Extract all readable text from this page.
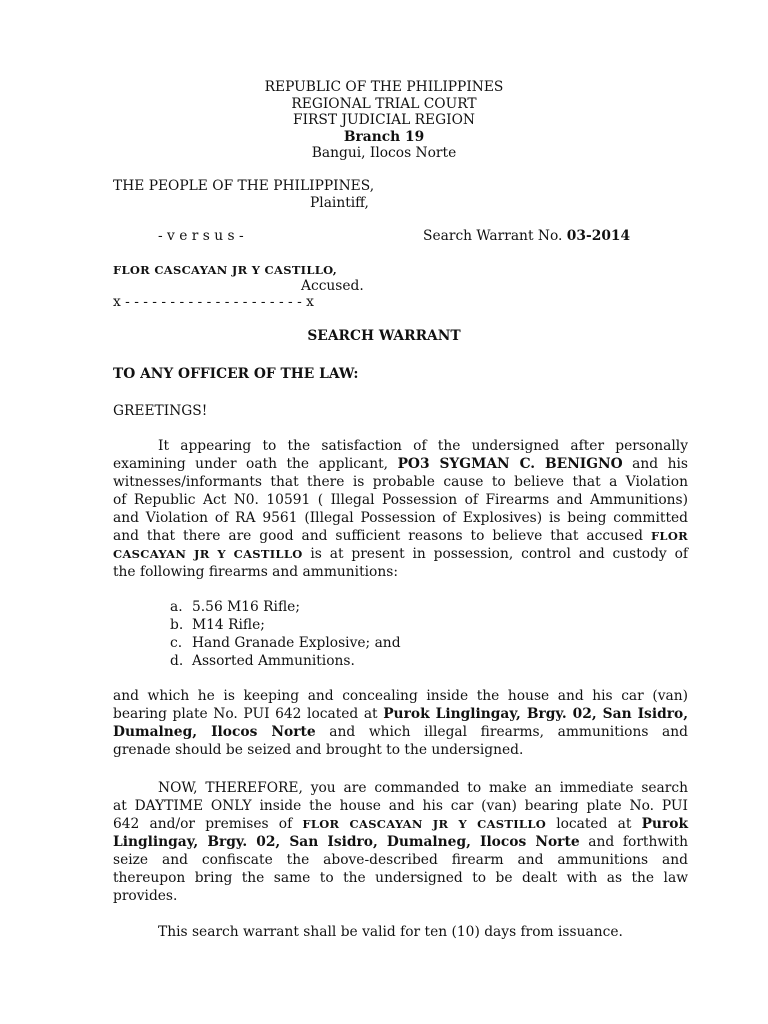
REPUBLIC OF THE PHILIPPINES
REGIONAL TRIAL COURT
FIRST JUDICIAL REGION
Branch 19
Bangui, Ilocos Norte
THE PEOPLE OF THE PHILIPPINES,
Plaintiff,
- v e r s u s -	Search Warrant No. 03-2014
FLOR CASCAYAN JR Y CASTILLO,
Accused.
x - - - - - - - - - - - - - - - - - - - - x
SEARCH WARRANT
TO ANY OFFICER OF THE LAW:
GREETINGS!
It appearing to the satisfaction of the undersigned after personally
examining under oath the applicant, PO3 SYGMAN C. BENIGNO and his
witnesses/informants that there is probable cause to believe that a Violation
of Republic Act N0. 10591 ( Illegal Possession of Firearms and Ammunitions)
and Violation of RA 9561 (Illegal Possession of Explosives) is being committed
and that there are good and sufficient reasons to believe that accused FLOR
CASCAYAN JR Y CASTILLO is at present in possession, control and custody of
the following firearms and ammunitions:
a. 5.56 M16 Rifle;
b. M14 Rifle;
c. Hand Granade Explosive; and
d. Assorted Ammunitions.
and which he is keeping and concealing inside the house and his car (van)
bearing plate No. PUI 642 located at Purok Linglingay, Brgy. 02, San Isidro,
Dumalneg, Ilocos Norte and which illegal firearms, ammunitions and
grenade should be seized and brought to the undersigned.
NOW, THEREFORE, you are commanded to make an immediate search
at DAYTIME ONLY inside the house and his car (van) bearing plate No. PUI
642 and/or premises of FLOR CASCAYAN JR Y CASTILLO located at Purok
Linglingay, Brgy. 02, San Isidro, Dumalneg, Ilocos Norte and forthwith
seize and confiscate the above-described firearm and ammunitions and
thereupon bring the same to the undersigned to be dealt with as the law
provides.
This search warrant shall be valid for ten (10) days from issuance.
